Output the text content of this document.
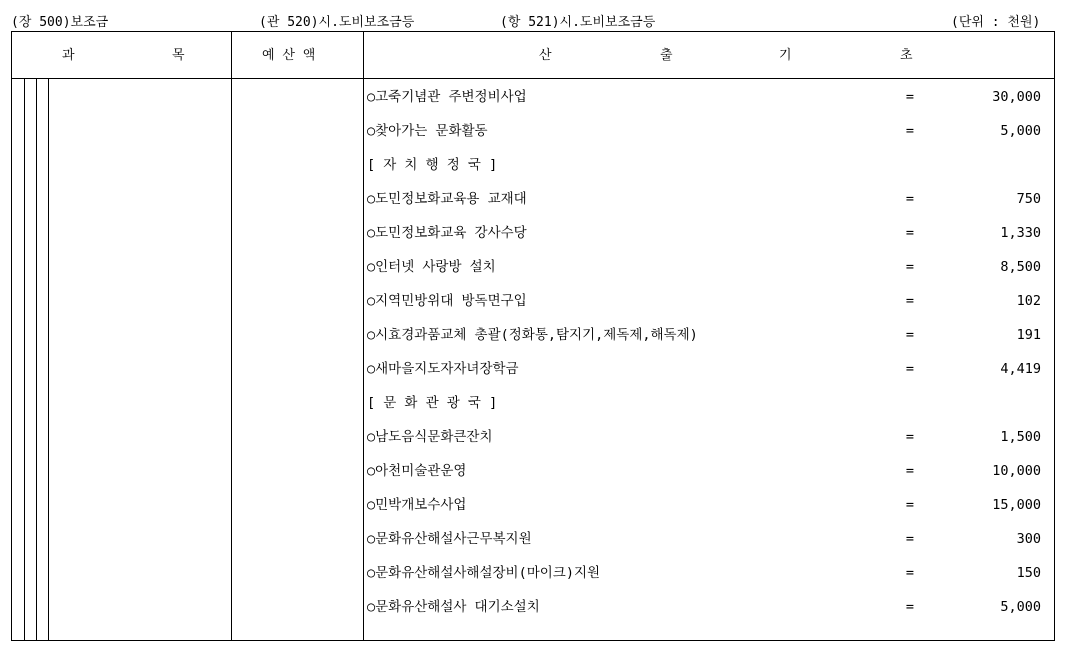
(장 500)보조금	(관 520)시.도비보조금등	(항 521)시.도비보조금등	(단위 : 천원)
과	목	예 산 액	산	출	기	초
○고죽기념관 주변정비사업	=	30,000
○찾아가는 문화활동	=	5,000
[ 자 치 행 정 국 ]
○도민정보화교육용 교재대	=	750
○도민정보화교육 강사수당	=	1,330
○인터넷 사랑방 설치	=	8,500
○지역민방위대 방독면구입	=	102
○시효경과품교체 총괄(정화통,탐지기,제독제,해독제)	=	191
○새마을지도자자녀장학금	=	4,419
[ 문 화 관 광 국 ]
○남도음식문화큰잔치	=	1,500
○아천미술관운영	=	10,000
○민박개보수사업	=	15,000
○문화유산해설사근무복지원	=	300
○문화유산해설사해설장비(마이크)지원	=	150
○문화유산해설사 대기소설치	=	5,000
